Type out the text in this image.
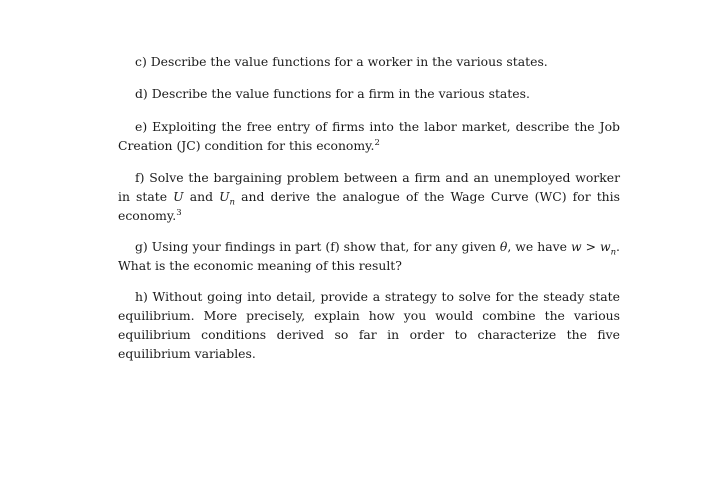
c) Describe the value functions for a worker in the various states.

d) Describe the value functions for a firm in the various states.

e) Exploiting the free entry of firms into the labor market, describe the Job Creation (JC) condition for this economy.$^2$

f) Solve the bargaining problem between a firm and an unemployed worker in state U and $U_n$ and derive the analogue of the Wage Curve (WC) for this economy.$^3$

g) Using your findings in part (f) show that, for any given θ, we have $w > w_n$. What is the economic meaning of this result?

h) Without going into detail, provide a strategy to solve for the steady state equilibrium. More precisely, explain how you would combine the various equilibrium conditions derived so far in order to characterize the five equilibrium variables.
